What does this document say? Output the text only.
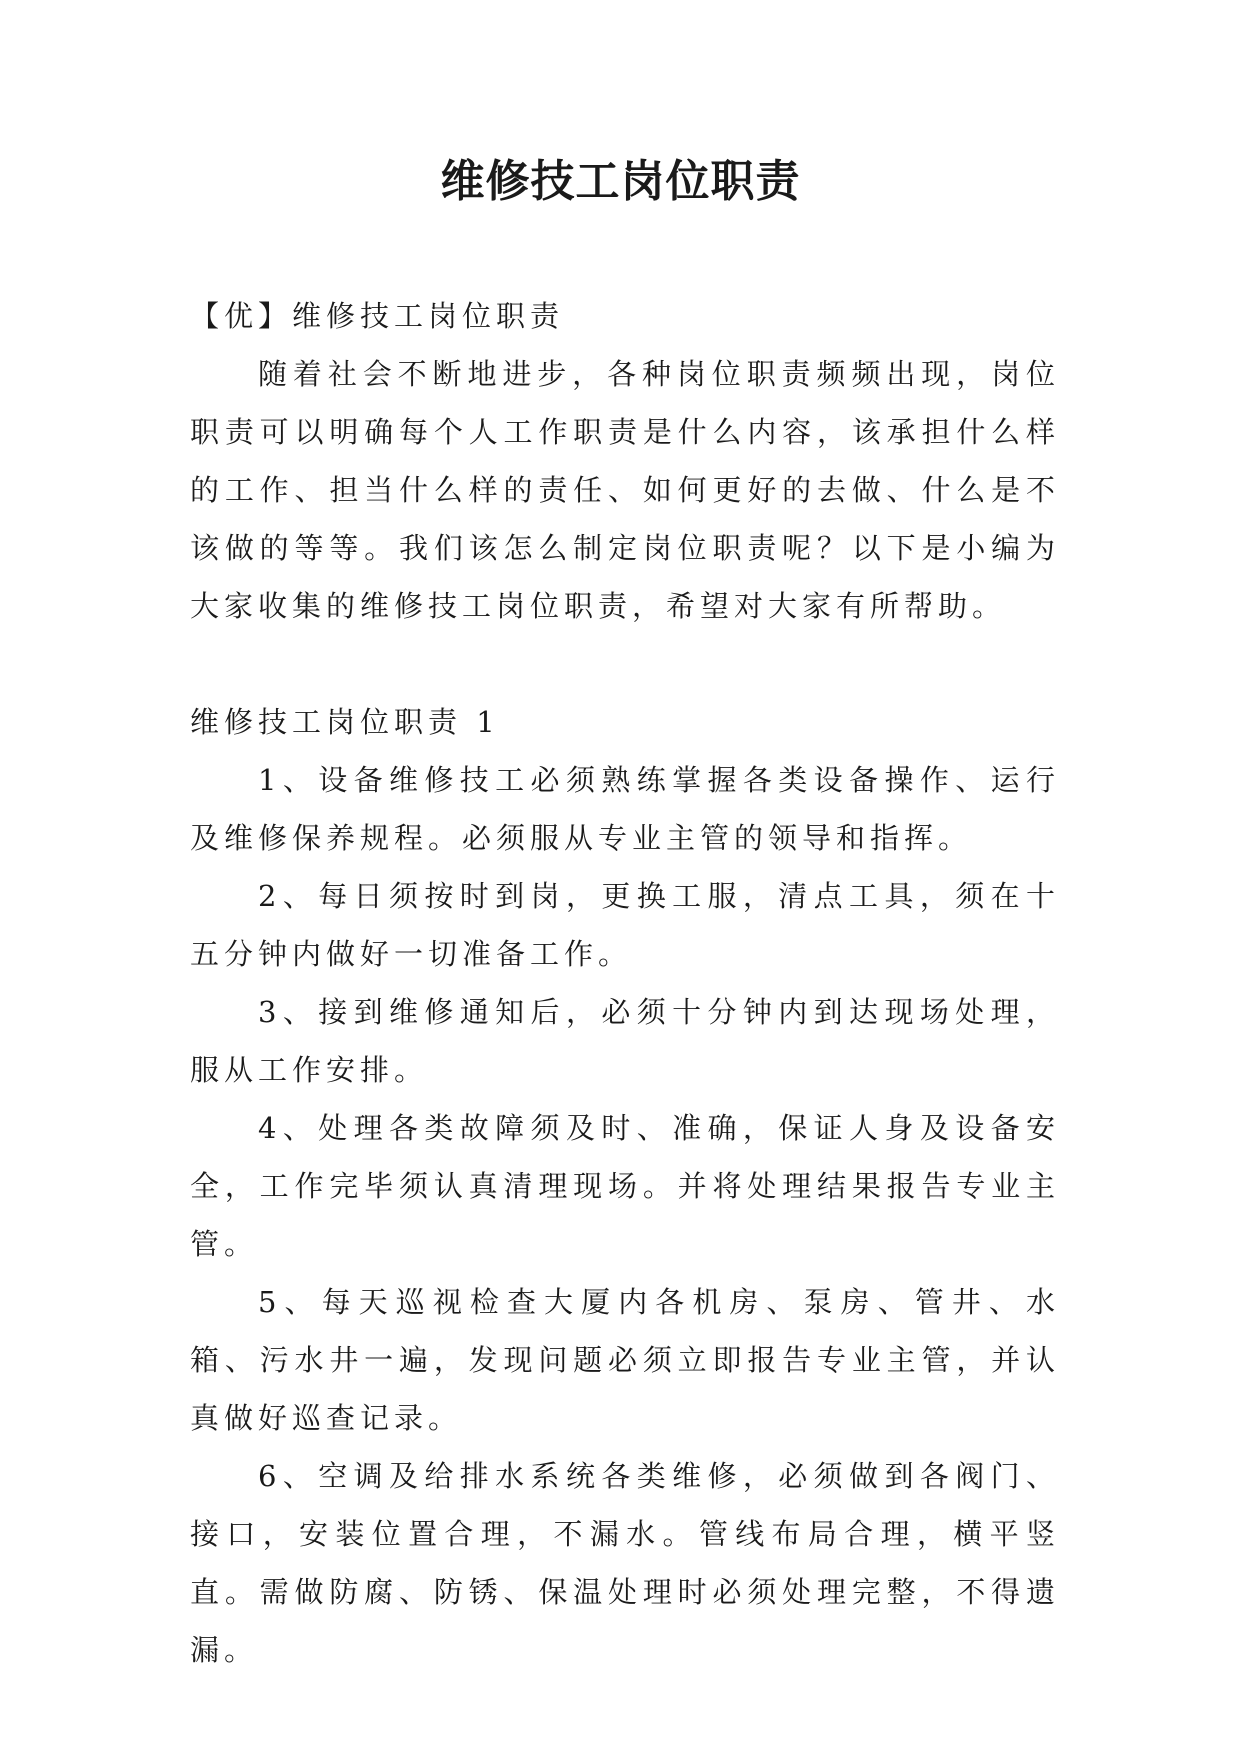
维修技工岗位职责

【优】维修技工岗位职责

随着社会不断地进步，各种岗位职责频频出现，岗位职责可以明确每个人工作职责是什么内容，该承担什么样的工作、担当什么样的责任、如何更好的去做、什么是不该做的等等。我们该怎么制定岗位职责呢？以下是小编为大家收集的维修技工岗位职责，希望对大家有所帮助。

维修技工岗位职责 1

1、设备维修技工必须熟练掌握各类设备操作、运行及维修保养规程。必须服从专业主管的领导和指挥。

2、每日须按时到岗，更换工服，清点工具，须在十五分钟内做好一切准备工作。

3、接到维修通知后，必须十分钟内到达现场处理，服从工作安排。

4、处理各类故障须及时、准确，保证人身及设备安全，工作完毕须认真清理现场。并将处理结果报告专业主管。

5、每天巡视检查大厦内各机房、泵房、管井、水箱、污水井一遍，发现问题必须立即报告专业主管，并认真做好巡查记录。

6、空调及给排水系统各类维修，必须做到各阀门、接口，安装位置合理，不漏水。管线布局合理，横平竖直。需做防腐、防锈、保温处理时必须处理完整，不得遗漏。
